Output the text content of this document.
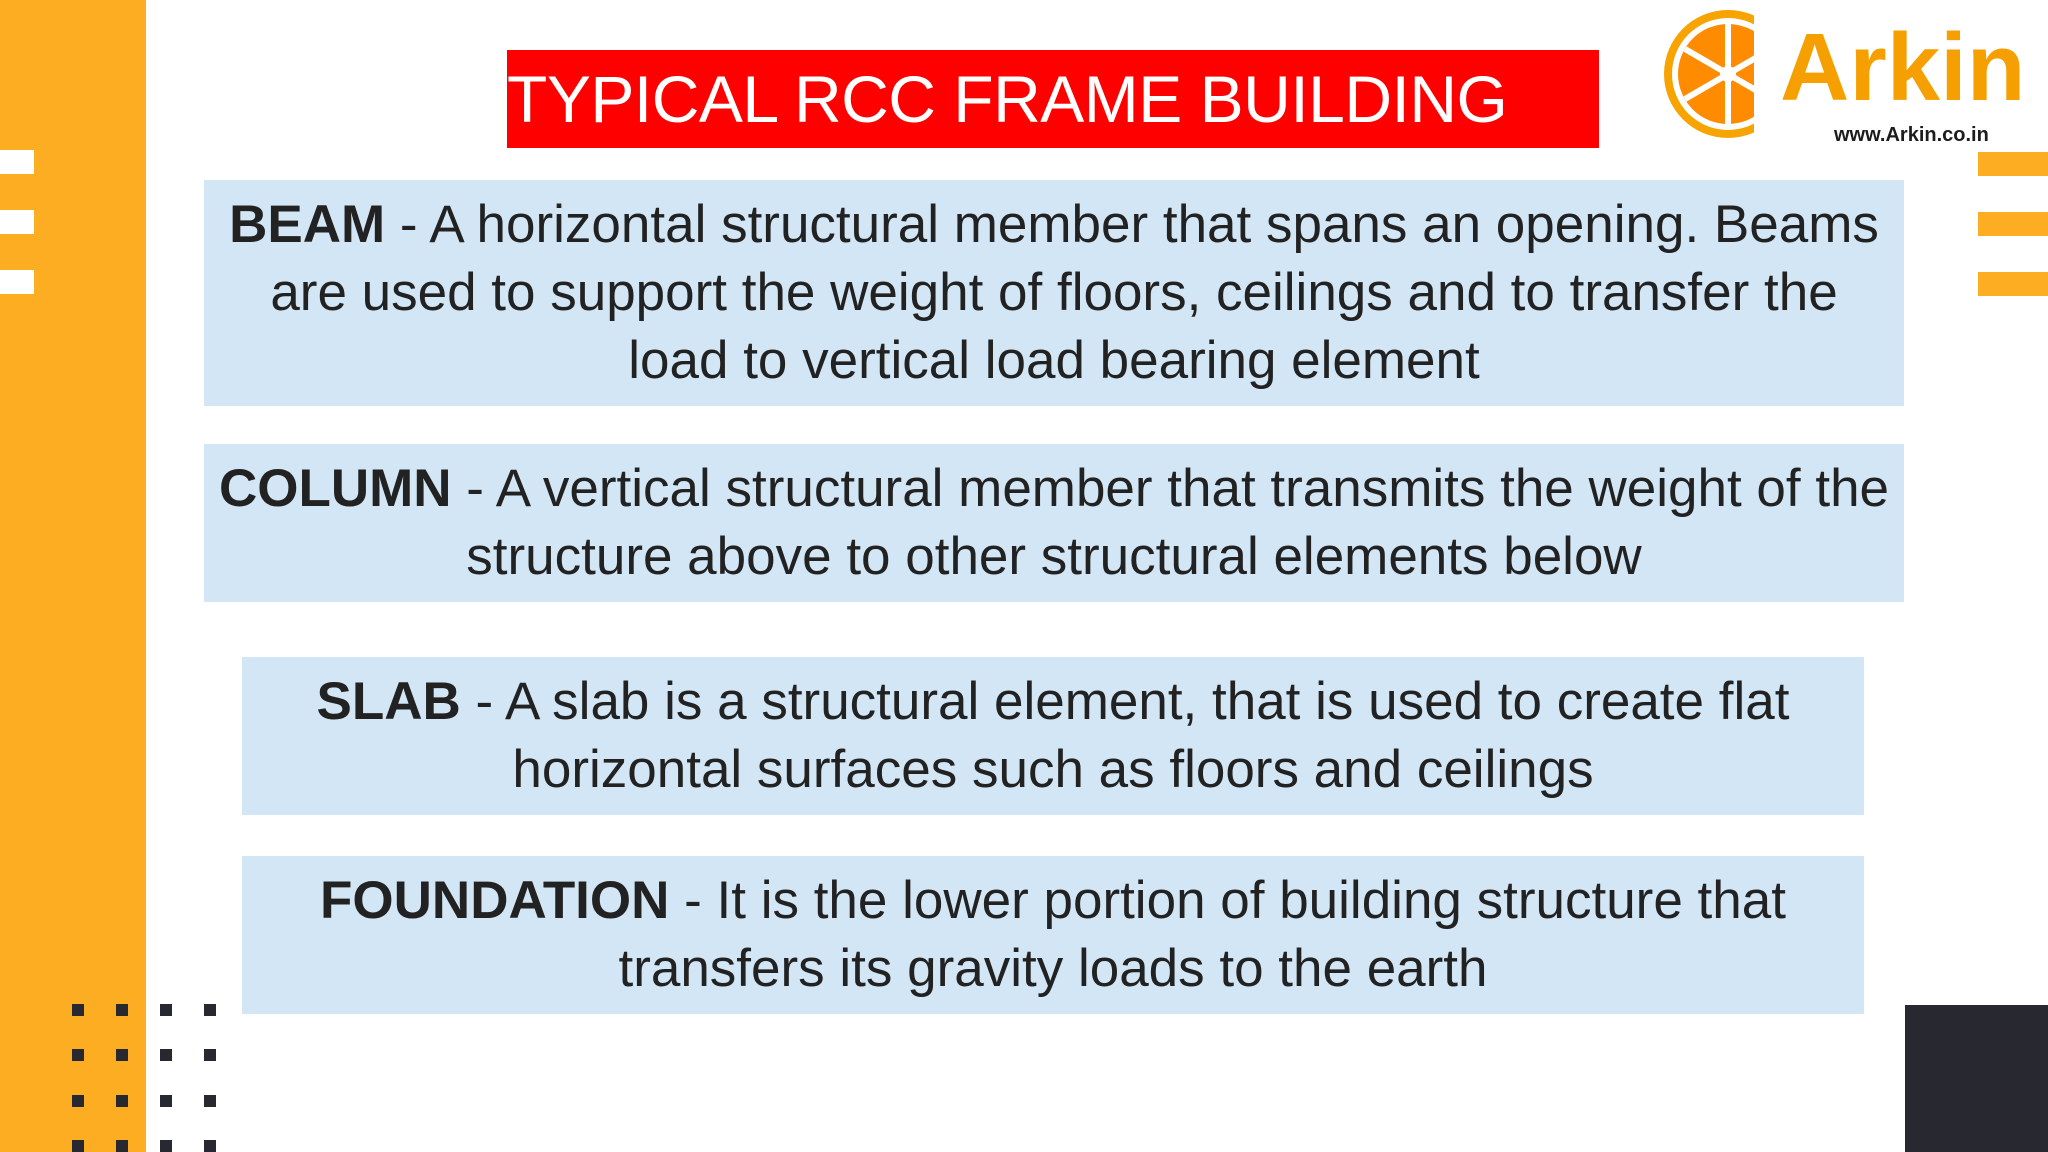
TYPICAL RCC FRAME BUILDING	Arkin
www.Arkin.co.in
BEAM - A horizontal structural member that spans an opening. Beams are used to support the weight of floors, ceilings and to transfer the load to vertical load bearing element
COLUMN - A vertical structural member that transmits the weight of the structure above to other structural elements below
SLAB - A slab is a structural element, that is used to create flat horizontal surfaces such as floors and ceilings
FOUNDATION - It is the lower portion of building structure that transfers its gravity loads to the earth
